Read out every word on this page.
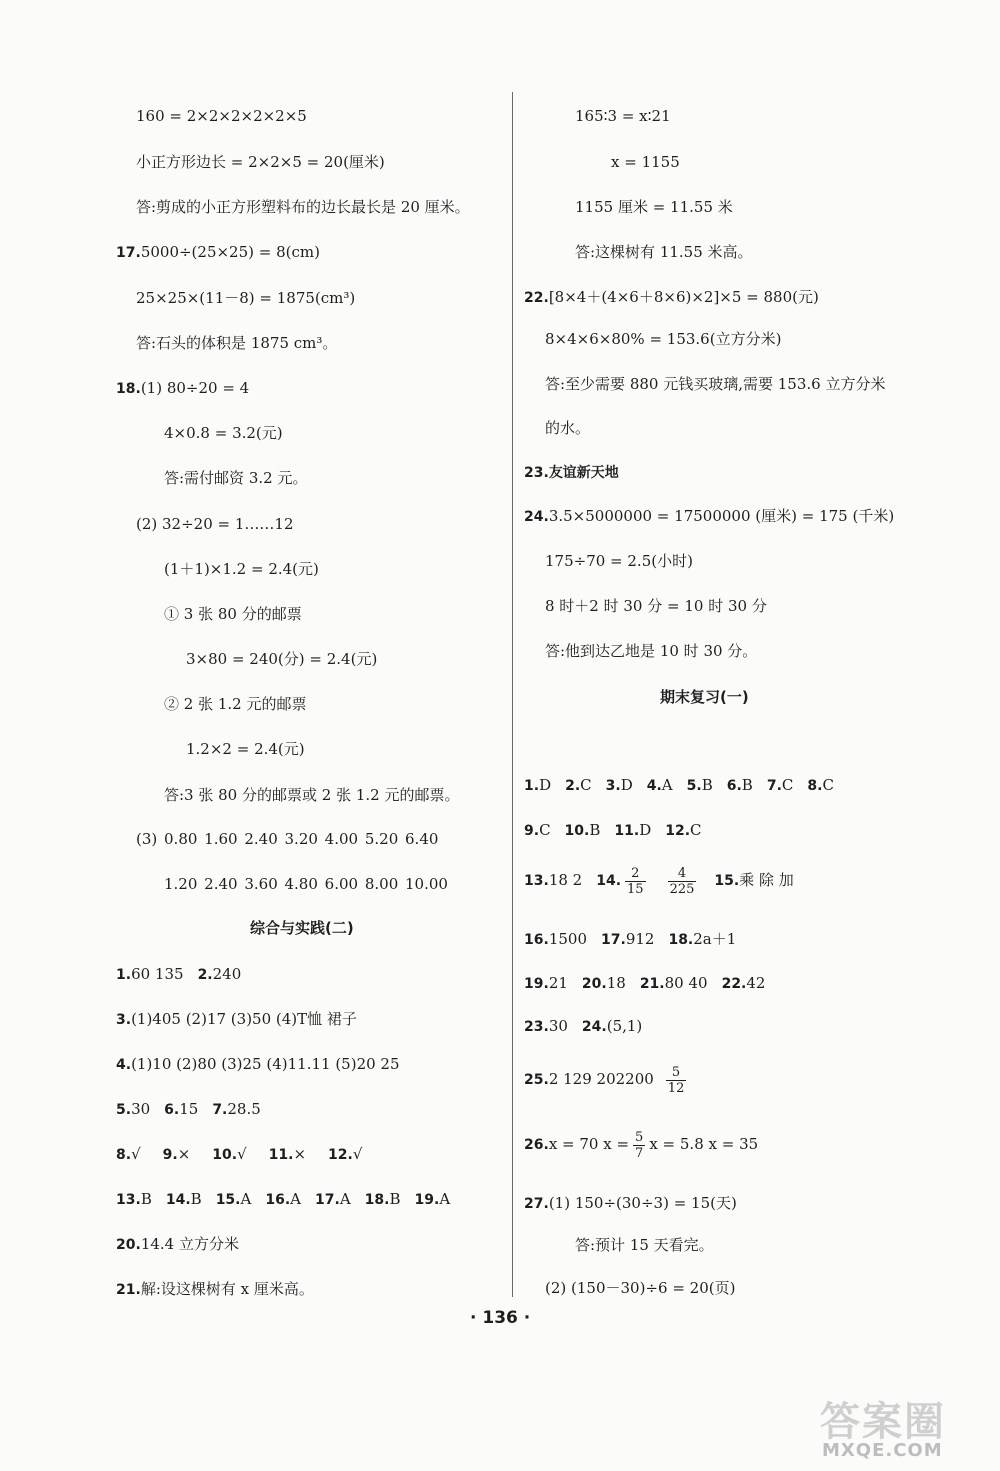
160 = 2×2×2×2×2×5
小正方形边长 = 2×2×5 = 20(厘米)
答:剪成的小正方形塑料布的边长最长是 20 厘米。
17.5000÷(25×25) = 8(cm)
25×25×(11－8) = 1875(cm³)
答:石头的体积是 1875 cm³。
18.(1) 80÷20 = 4
4×0.8 = 3.2(元)
答:需付邮资 3.2 元。
(2) 32÷20 = 1……12
(1＋1)×1.2 = 2.4(元)
① 3 张 80 分的邮票
3×80 = 240(分) = 2.4(元)
② 2 张 1.2 元的邮票
1.2×2 = 2.4(元)
答:3 张 80 分的邮票或 2 张 1.2 元的邮票。
(3) 0.80 1.60 2.40 3.20 4.00 5.20 6.40
1.20 2.40 3.60 4.80 6.00 8.00 10.00
综合与实践(二)
1.60 135 2.240
3.(1)405 (2)17 (3)50 (4)T恤 裙子
4.(1)10 (2)80 (3)25 (4)11.11 (5)20 25
5.30 6.15 7.28.5
8.√ 9.× 10.√ 11.× 12.√
13.B 14.B 15.A 16.A 17.A 18.B 19.A
20.14.4 立方分米
21.解:设这棵树有 x 厘米高。
165∶3 = x∶21
x = 1155
1155 厘米 = 11.55 米
答:这棵树有 11.55 米高。
22.[8×4＋(4×6＋8×6)×2]×5 = 880(元)
8×4×6×80% = 153.6(立方分米)
答:至少需要 880 元钱买玻璃,需要 153.6 立方分米
的水。
23.友谊新天地
24.3.5×5000000 = 17500000 (厘米) = 175 (千米)
175÷70 = 2.5(小时)
8 时＋2 时 30 分 = 10 时 30 分
答:他到达乙地是 10 时 30 分。
期末复习(一)
1.D 2.C 3.D 4.A 5.B 6.B 7.C 8.C
9.C 10.B 11.D 12.C
13.18 2 14. $\frac{2}{15} \frac{4}{225} 15$.乘 除 加
16.1500 17.912 18.2a＋1
19.21 20.18 21.80 40 22.42
23.30 24.(5,1)
25.2 129 $202200 \frac{5}{12}$
26.x = 70 $x = \frac{5}{7}$ x = 5.8 x = 35
27.(1) 150÷(30÷3) = 15(天)
答:预计 15 天看完。
(2) (150－30)÷6 = 20(页)
· 136 ·
答案圈
MXQE.COM
